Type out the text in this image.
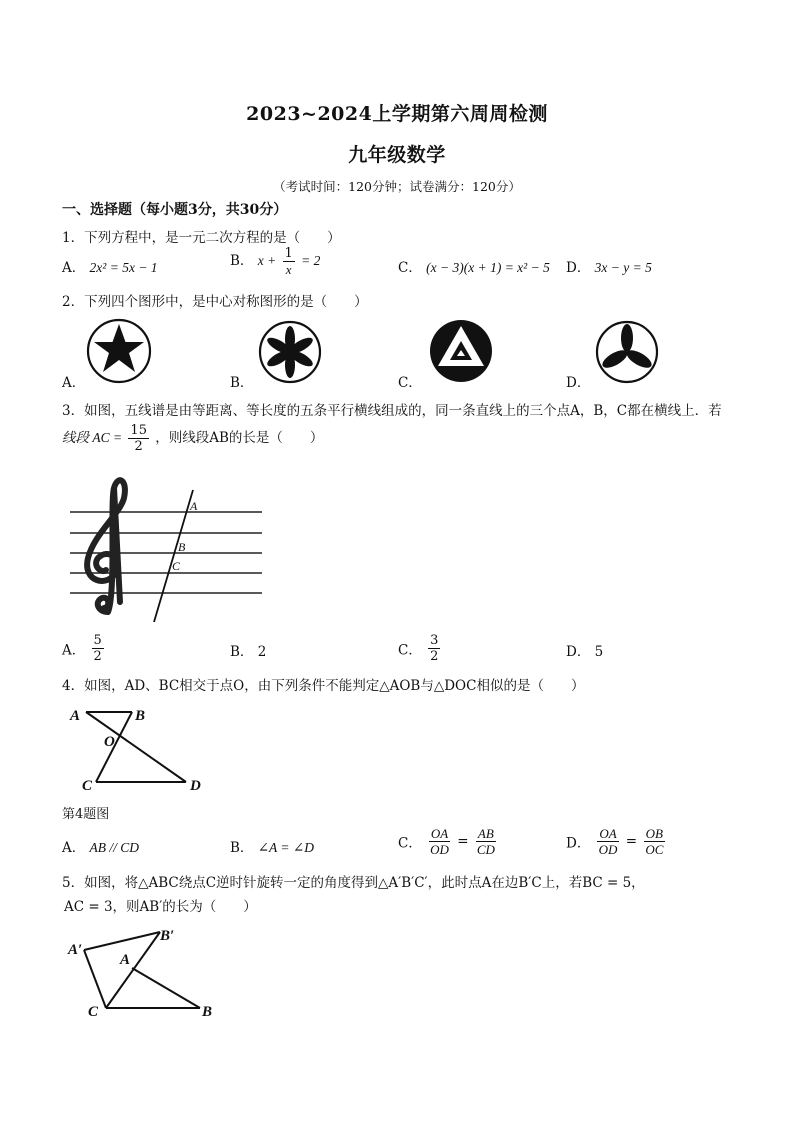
2023~2024上学期第六周周检测
九年级数学
（考试时间：120分钟；试卷满分：120分）
一、选择题（每小题3分，共30分）
1．下列方程中，是一元二次方程的是（　　）
A． 2x² = 5x − 1	B． $x + \frac{1}{x} = 2$	C． (x − 3)(x + 1) = x² − 5 D． 3x − y = 5
2．下列四个图形中，是中心对称图形的是（　　）
A．	B．	C．	D．
3．如图，五线谱是由等距离、等长度的五条平行横线组成的，同一条直线上的三个点A，B，C都在横线上．若
线段 AC = $\frac{15}{2}$ ，则线段AB的长是（　　）
A
B
C
A． $\frac{5}{2}$	B． 2	C． $\frac{3}{2}$	D． 5
4．如图，AD、BC相交于点O，由下列条件不能判定△AOB与△DOC相似的是（　　）
A	B
O
C	D
第4题图
A． AB // CD	B． ∠A = ∠D	C． $\frac{OA}{OD} = \frac{AB}{CD}$	D． $\frac{OA}{OD} = \frac{OB}{OC}$
5．如图，将△ABC绕点C逆时针旋转一定的角度得到△A′B′C′，此时点A在边B′C上，若BC = 5，
AC = 3，则AB′的长为（　　）
A′
B′
A
C	B
